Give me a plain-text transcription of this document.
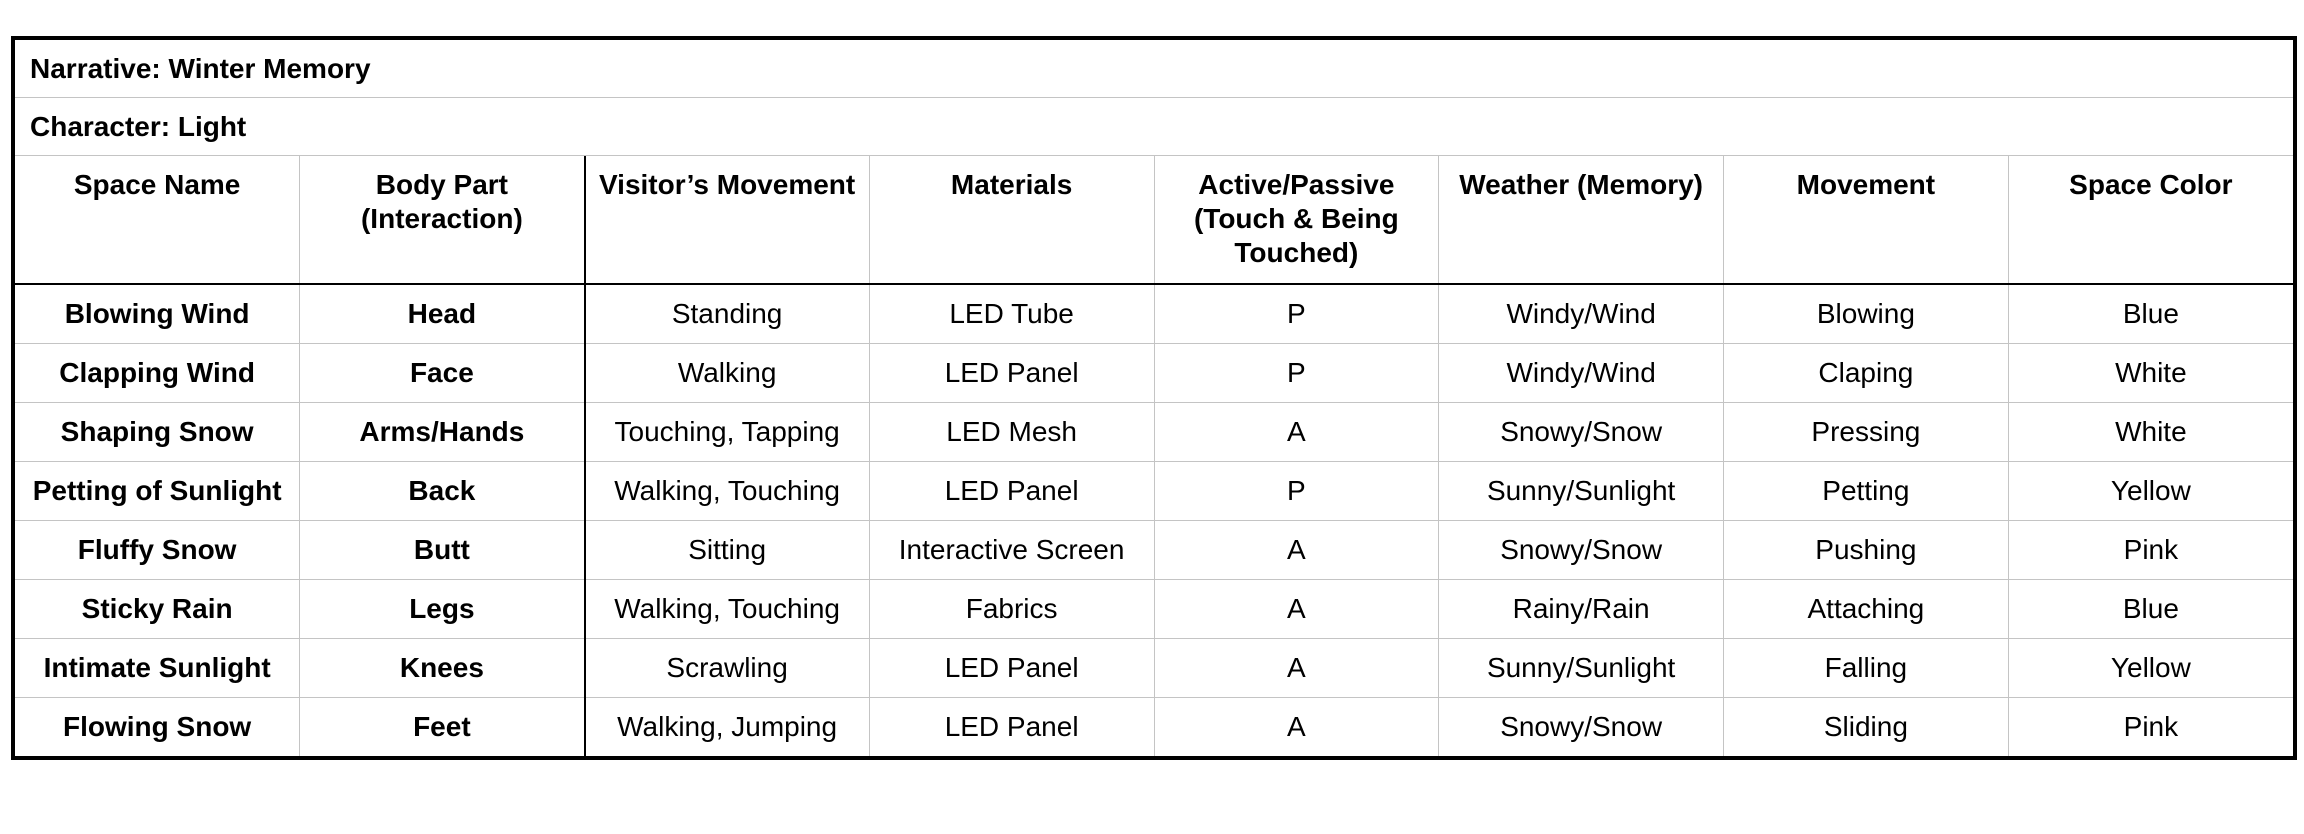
Narrative: Winter Memory
Character: Light
Space Name	Body Part (Interaction)	Visitor’s Movement	Materials	Active/Passive (Touch & Being Touched)	Weather (Memory)	Movement	Space Color
Blowing Wind	Head	Standing	LED Tube	P	Windy/Wind	Blowing	Blue
Clapping Wind	Face	Walking	LED Panel	P	Windy/Wind	Claping	White
Shaping Snow	Arms/Hands	Touching, Tapping	LED Mesh	A	Snowy/Snow	Pressing	White
Petting of Sunlight	Back	Walking, Touching	LED Panel	P	Sunny/Sunlight	Petting	Yellow
Fluffy Snow	Butt	Sitting	Interactive Screen	A	Snowy/Snow	Pushing	Pink
Sticky Rain	Legs	Walking, Touching	Fabrics	A	Rainy/Rain	Attaching	Blue
Intimate Sunlight	Knees	Scrawling	LED Panel	A	Sunny/Sunlight	Falling	Yellow
Flowing Snow	Feet	Walking, Jumping	LED Panel	A	Snowy/Snow	Sliding	Pink
